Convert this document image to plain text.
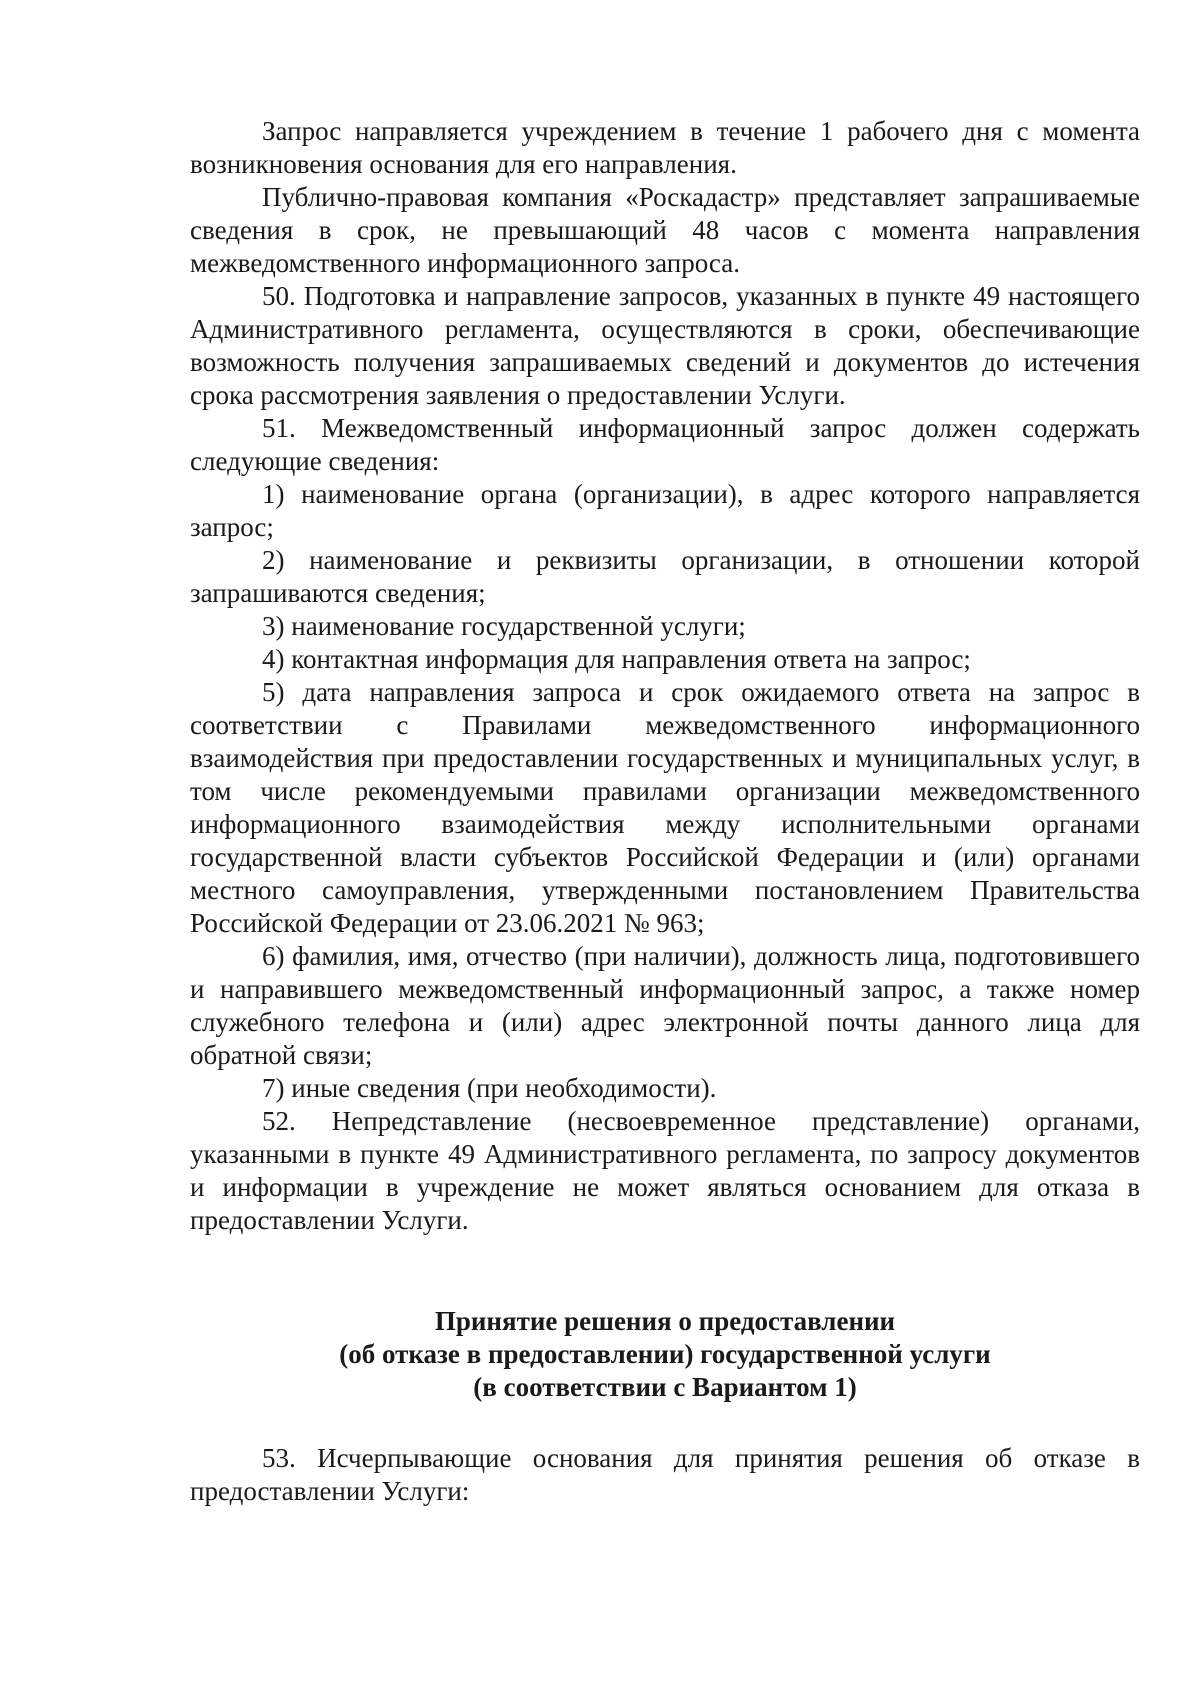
Запрос направляется учреждением в течение 1 рабочего дня с момента возникновения основания для его направления.

Публично-правовая компания «Роскадастр» представляет запрашиваемые сведения в срок, не превышающий 48 часов с момента направления межведомственного информационного запроса.

50. Подготовка и направление запросов, указанных в пункте 49 настоящего Административного регламента, осуществляются в сроки, обеспечивающие возможность получения запрашиваемых сведений и документов до истечения срока рассмотрения заявления о предоставлении Услуги.

51. Межведомственный информационный запрос должен содержать следующие сведения:

1) наименование органа (организации), в адрес которого направляется запрос;

2) наименование и реквизиты организации, в отношении которой запрашиваются сведения;

3) наименование государственной услуги;

4) контактная информация для направления ответа на запрос;

5) дата направления запроса и срок ожидаемого ответа на запрос в соответствии с Правилами межведомственного информационного взаимодействия при предоставлении государственных и муниципальных услуг, в том числе рекомендуемыми правилами организации межведомственного информационного взаимодействия между исполнительными органами государственной власти субъектов Российской Федерации и (или) органами местного самоуправления, утвержденными постановлением Правительства Российской Федерации от 23.06.2021 № 963;

6) фамилия, имя, отчество (при наличии), должность лица, подготовившего и направившего межведомственный информационный запрос, а также номер служебного телефона и (или) адрес электронной почты данного лица для обратной связи;

7) иные сведения (при необходимости).

52. Непредставление (несвоевременное представление) органами, указанными в пункте 49 Административного регламента, по запросу документов и информации в учреждение не может являться основанием для отказа в предоставлении Услуги.

Принятие решения о предоставлении
(об отказе в предоставлении) государственной услуги
(в соответствии с Вариантом 1)

53. Исчерпывающие основания для принятия решения об отказе в предоставлении Услуги:
